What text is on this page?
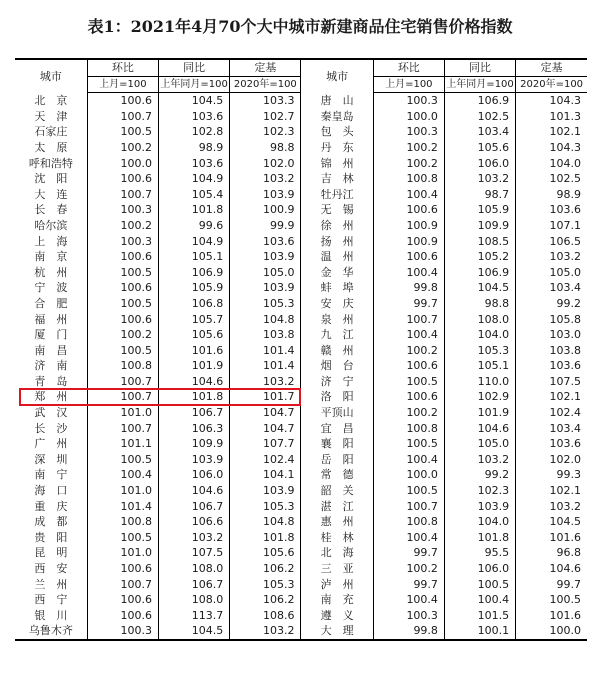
表1：2021年4月70个大中城市新建商品住宅销售价格指数
城市	环比	同比	定基	城市	环比	同比	定基
	上月=100	上年同月=100	2020年=100		上月=100	上年同月=100	2020年=100
北　京	100.6	104.5	103.3	唐　山	100.3	106.9	104.3
天　津	100.7	103.6	102.7	秦皇岛	100.0	102.5	101.3
石家庄	100.5	102.8	102.3	包　头	100.3	103.4	102.1
太　原	100.2	98.9	98.8	丹　东	100.2	105.6	104.3
呼和浩特	100.0	103.6	102.0	锦　州	100.2	106.0	104.0
沈　阳	100.6	104.9	103.2	吉　林	100.8	103.2	102.5
大　连	100.7	105.4	103.9	牡丹江	100.4	98.7	98.9
长　春	100.3	101.8	100.9	无　锡	100.6	105.9	103.6
哈尔滨	100.2	99.6	99.9	徐　州	100.9	109.9	107.1
上　海	100.3	104.9	103.6	扬　州	100.9	108.5	106.5
南　京	100.6	105.1	103.9	温　州	100.6	105.2	103.2
杭　州	100.5	106.9	105.0	金　华	100.4	106.9	105.0
宁　波	100.6	105.9	103.9	蚌　埠	99.8	104.5	103.4
合　肥	100.5	106.8	105.3	安　庆	99.7	98.8	99.2
福　州	100.6	105.7	104.8	泉　州	100.7	108.0	105.8
厦　门	100.2	105.6	103.8	九　江	100.4	104.0	103.0
南　昌	100.5	101.6	101.4	赣　州	100.2	105.3	103.8
济　南	100.8	101.9	101.4	烟　台	100.6	105.1	103.6
青　岛	100.7	104.6	103.2	济　宁	100.5	110.0	107.5
郑　州	100.7	101.8	101.7	洛　阳	100.6	102.9	102.1
武　汉	101.0	106.7	104.7	平顶山	100.2	101.9	102.4
长　沙	100.7	106.3	104.7	宜　昌	100.8	104.6	103.4
广　州	101.1	109.9	107.7	襄　阳	100.5	105.0	103.6
深　圳	100.5	103.9	102.4	岳　阳	100.4	103.2	102.0
南　宁	100.4	106.0	104.1	常　德	100.0	99.2	99.3
海　口	101.0	104.6	103.9	韶　关	100.5	102.3	102.1
重　庆	101.4	106.7	105.3	湛　江	100.7	103.9	103.2
成　都	100.8	106.6	104.8	惠　州	100.8	104.0	104.5
贵　阳	100.5	103.2	101.8	桂　林	100.4	101.8	101.6
昆　明	101.0	107.5	105.6	北　海	99.7	95.5	96.8
西　安	100.6	108.0	106.2	三　亚	100.2	106.0	104.6
兰　州	100.7	106.7	105.3	泸　州	99.7	100.5	99.7
西　宁	100.6	108.0	106.2	南　充	100.4	100.4	100.5
银　川	100.6	113.7	108.6	遵　义	100.3	101.5	101.6
乌鲁木齐	100.3	104.5	103.2	大　理	99.8	100.1	100.0
